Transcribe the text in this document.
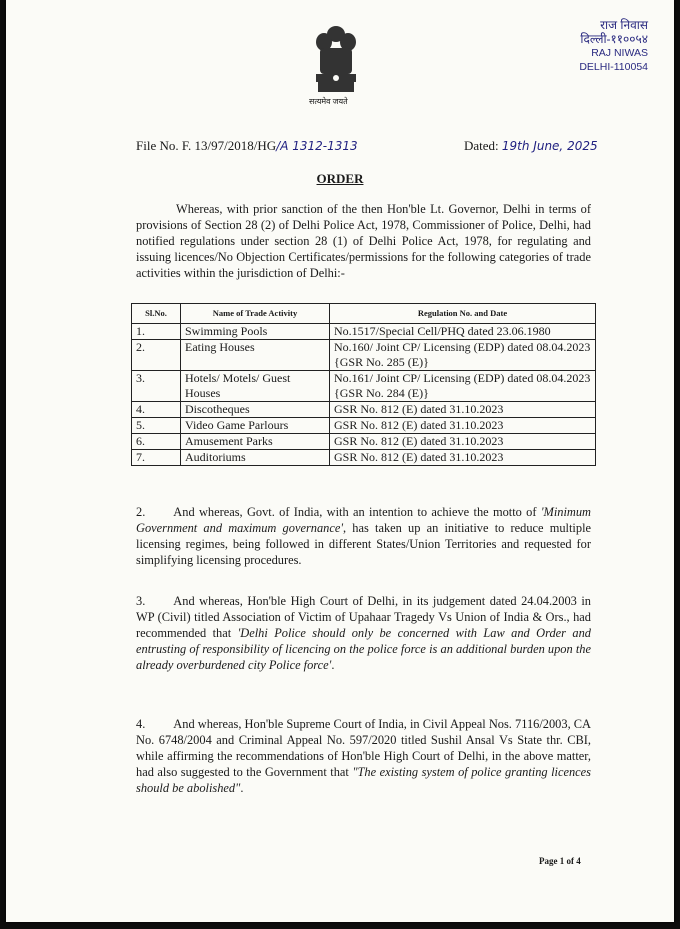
सत्यमेव जयते
राज निवास
दिल्ली-११००५४
RAJ NIWAS
DELHI-110054
File No. F. 13/97/2018/HG/A 1312-1313	Dated: 19th June, 2025
ORDER
Whereas, with prior sanction of the then Hon'ble Lt. Governor, Delhi in terms of provisions of Section 28 (2) of Delhi Police Act, 1978, Commissioner of Police, Delhi, had notified regulations under section 28 (1) of Delhi Police Act, 1978, for regulating and issuing licences/No Objection Certificates/permissions for the following categories of trade activities within the jurisdiction of Delhi:-
Sl.No.	Name of Trade Activity	Regulation No. and Date
1.	Swimming Pools	No.1517/Special Cell/PHQ dated 23.06.1980
2.	Eating Houses	No.160/ Joint CP/ Licensing (EDP) dated 08.04.2023 {GSR No. 285 (E)}
3.	Hotels/ Motels/ Guest Houses	No.161/ Joint CP/ Licensing (EDP) dated 08.04.2023 {GSR No. 284 (E)}
4.	Discotheques	GSR No. 812 (E) dated 31.10.2023
5.	Video Game Parlours	GSR No. 812 (E) dated 31.10.2023
6.	Amusement Parks	GSR No. 812 (E) dated 31.10.2023
7.	Auditoriums	GSR No. 812 (E) dated 31.10.2023
2. And whereas, Govt. of India, with an intention to achieve the motto of 'Minimum Government and maximum governance', has taken up an initiative to reduce multiple licensing regimes, being followed in different States/Union Territories and requested for simplifying licensing procedures.
3. And whereas, Hon'ble High Court of Delhi, in its judgement dated 24.04.2003 in WP (Civil) titled Association of Victim of Upahaar Tragedy Vs Union of India & Ors., had recommended that 'Delhi Police should only be concerned with Law and Order and entrusting of responsibility of licencing on the police force is an additional burden upon the already overburdened city Police force'.
4. And whereas, Hon'ble Supreme Court of India, in Civil Appeal Nos. 7116/2003, CA No. 6748/2004 and Criminal Appeal No. 597/2020 titled Sushil Ansal Vs State thr. CBI, while affirming the recommendations of Hon'ble High Court of Delhi, in the above matter, had also suggested to the Government that "The existing system of police granting licences should be abolished".
Page 1 of 4
